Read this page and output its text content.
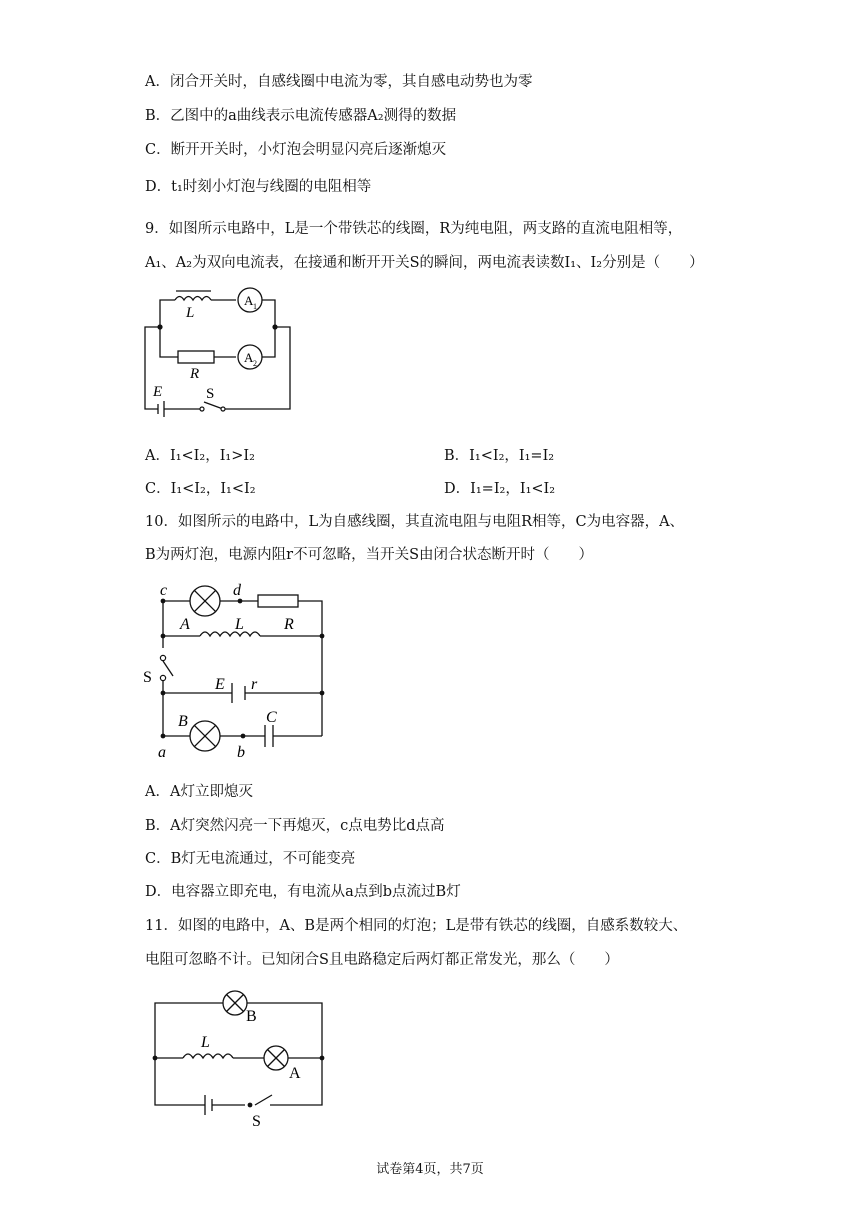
A．闭合开关时，自感线圈中电流为零，其自感电动势也为零
B．乙图中的a曲线表示电流传感器A₂测得的数据
C．断开开关时，小灯泡会明显闪亮后逐渐熄灭
D．t₁时刻小灯泡与线圈的电阻相等
9．如图所示电路中，L是一个带铁芯的线圈，R为纯电阻，两支路的直流电阻相等，
A₁、A₂为双向电流表，在接通和断开开关S的瞬间，两电流表读数I₁、I₂分别是（　　）
L
A 1
R
A 2
E	S
A．I₁<I₂，I₁>I₂	B．I₁<I₂，I₁=I₂
C．I₁<I₂，I₁<I₂	D．I₁=I₂，I₁<I₂
10．如图所示的电路中，L为自感线圈，其直流电阻与电阻R相等，C为电容器，A、
B为两灯泡，电源内阻r不可忽略，当开关S由闭合状态断开时（　　）
c	d
A	L	R
S	E r
B	C
a	b
A．A灯立即熄灭
B．A灯突然闪亮一下再熄灭，c点电势比d点高
C．B灯无电流通过，不可能变亮
D．电容器立即充电，有电流从a点到b点流过B灯
11．如图的电路中，A、B是两个相同的灯泡；L是带有铁芯的线圈，自感系数较大、
电阻可忽略不计。已知闭合S且电路稳定后两灯都正常发光，那么（　　）
B
L
A
S
试卷第4页，共7页
